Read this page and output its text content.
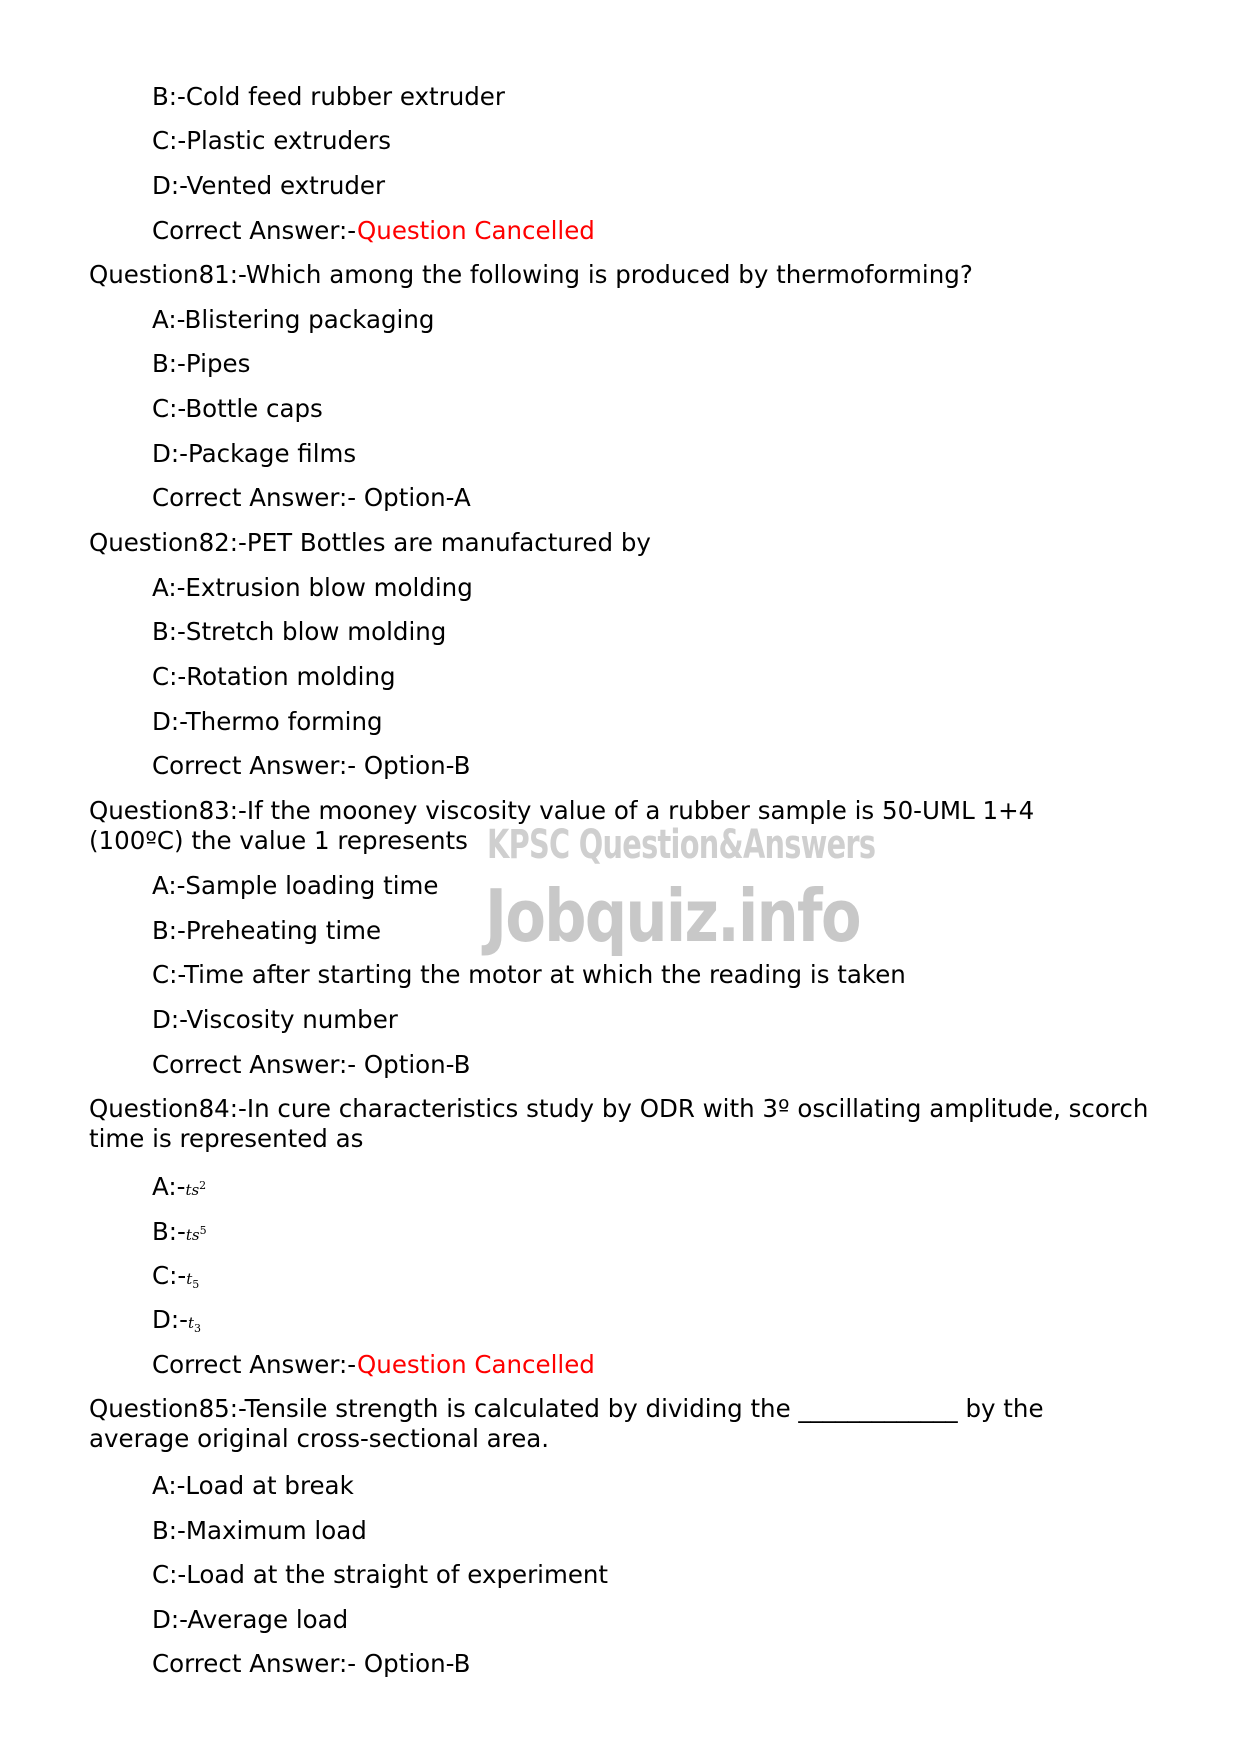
KPSC Question&Answers
Jobquiz.info
B:-Cold feed rubber extruder
C:-Plastic extruders
D:-Vented extruder
Correct Answer:-Question Cancelled
Question81:-Which among the following is produced by thermoforming?
A:-Blistering packaging
B:-Pipes
C:-Bottle caps
D:-Package films
Correct Answer:- Option-A
Question82:-PET Bottles are manufactured by
A:-Extrusion blow molding
B:-Stretch blow molding
C:-Rotation molding
D:-Thermo forming
Correct Answer:- Option-B
Question83:-If the mooney viscosity value of a rubber sample is 50-UML 1+4 (100ºC) the value 1 represents
A:-Sample loading time
B:-Preheating time
C:-Time after starting the motor at which the reading is taken
D:-Viscosity number
Correct Answer:- Option-B
Question84:-In cure characteristics study by ODR with 3º oscillating amplitude, scorch time is represented as
$A:-ts^2$
$B:-ts^5$
$C:-t_5$
$D:-t_3$
Correct Answer:-Question Cancelled
Question85:-Tensile strength is calculated by dividing the _____________ by the average original cross-sectional area.
A:-Load at break
B:-Maximum load
C:-Load at the straight of experiment
D:-Average load
Correct Answer:- Option-B
